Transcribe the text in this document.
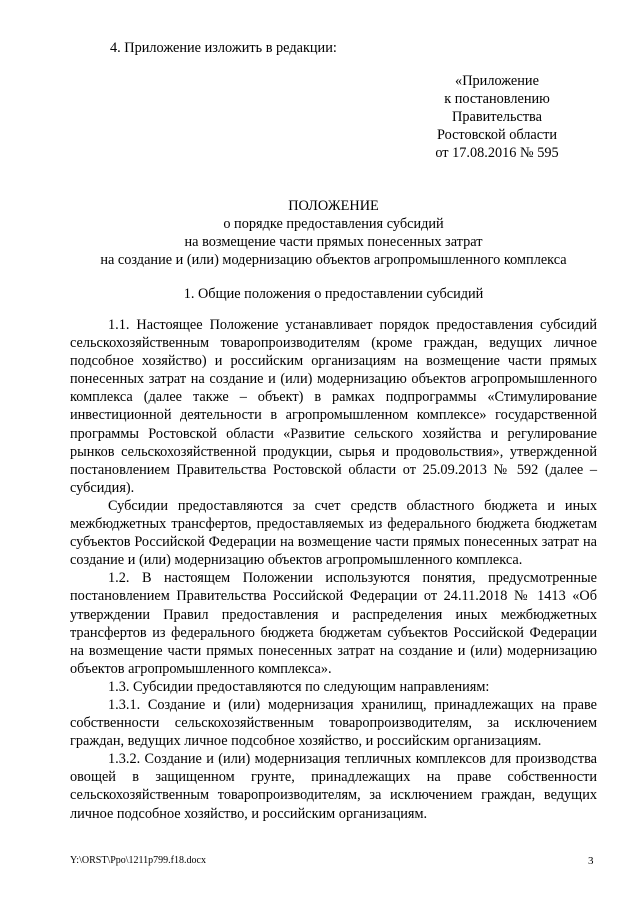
4. Приложение изложить в редакции:
«Приложение
к постановлению
Правительства
Ростовской области
от 17.08.2016 № 595
ПОЛОЖЕНИЕ
о порядке предоставления субсидий
на возмещение части прямых понесенных затрат
на создание и (или) модернизацию объектов агропромышленного комплекса
1. Общие положения о предоставлении субсидий

1.1. Настоящее Положение устанавливает порядок предоставления субсидий сельскохозяйственным товаропроизводителям (кроме граждан, ведущих личное подсобное хозяйство) и российским организациям на возмещение части прямых понесенных затрат на создание и (или) модернизацию объектов агропромышленного комплекса (далее также – объект) в рамках подпрограммы «Стимулирование инвестиционной деятельности в агропромышленном комплексе» государственной программы Ростовской области «Развитие сельского хозяйства и регулирование рынков сельскохозяйственной продукции, сырья и продовольствия», утвержденной постановлением Правительства Ростовской области от 25.09.2013 № 592 (далее – субсидия).

Субсидии предоставляются за счет средств областного бюджета и иных межбюджетных трансфертов, предоставляемых из федерального бюджета бюджетам субъектов Российской Федерации на возмещение части прямых понесенных затрат на создание и (или) модернизацию объектов агропромышленного комплекса.

1.2. В настоящем Положении используются понятия, предусмотренные постановлением Правительства Российской Федерации от 24.11.2018 № 1413 «Об утверждении Правил предоставления и распределения иных межбюджетных трансфертов из федерального бюджета бюджетам субъектов Российской Федерации на возмещение части прямых понесенных затрат на создание и (или) модернизацию объектов агропромышленного комплекса».

1.3. Субсидии предоставляются по следующим направлениям:

1.3.1. Создание и (или) модернизация хранилищ, принадлежащих на праве собственности сельскохозяйственным товаропроизводителям, за исключением граждан, ведущих личное подсобное хозяйство, и российским организациям.

1.3.2. Создание и (или) модернизация тепличных комплексов для производства овощей в защищенном грунте, принадлежащих на праве собственности сельскохозяйственным товаропроизводителям, за исключением граждан, ведущих личное подсобное хозяйство, и российским организациям.

Y:\ORST\Ppo\1211p799.f18.docx	3
